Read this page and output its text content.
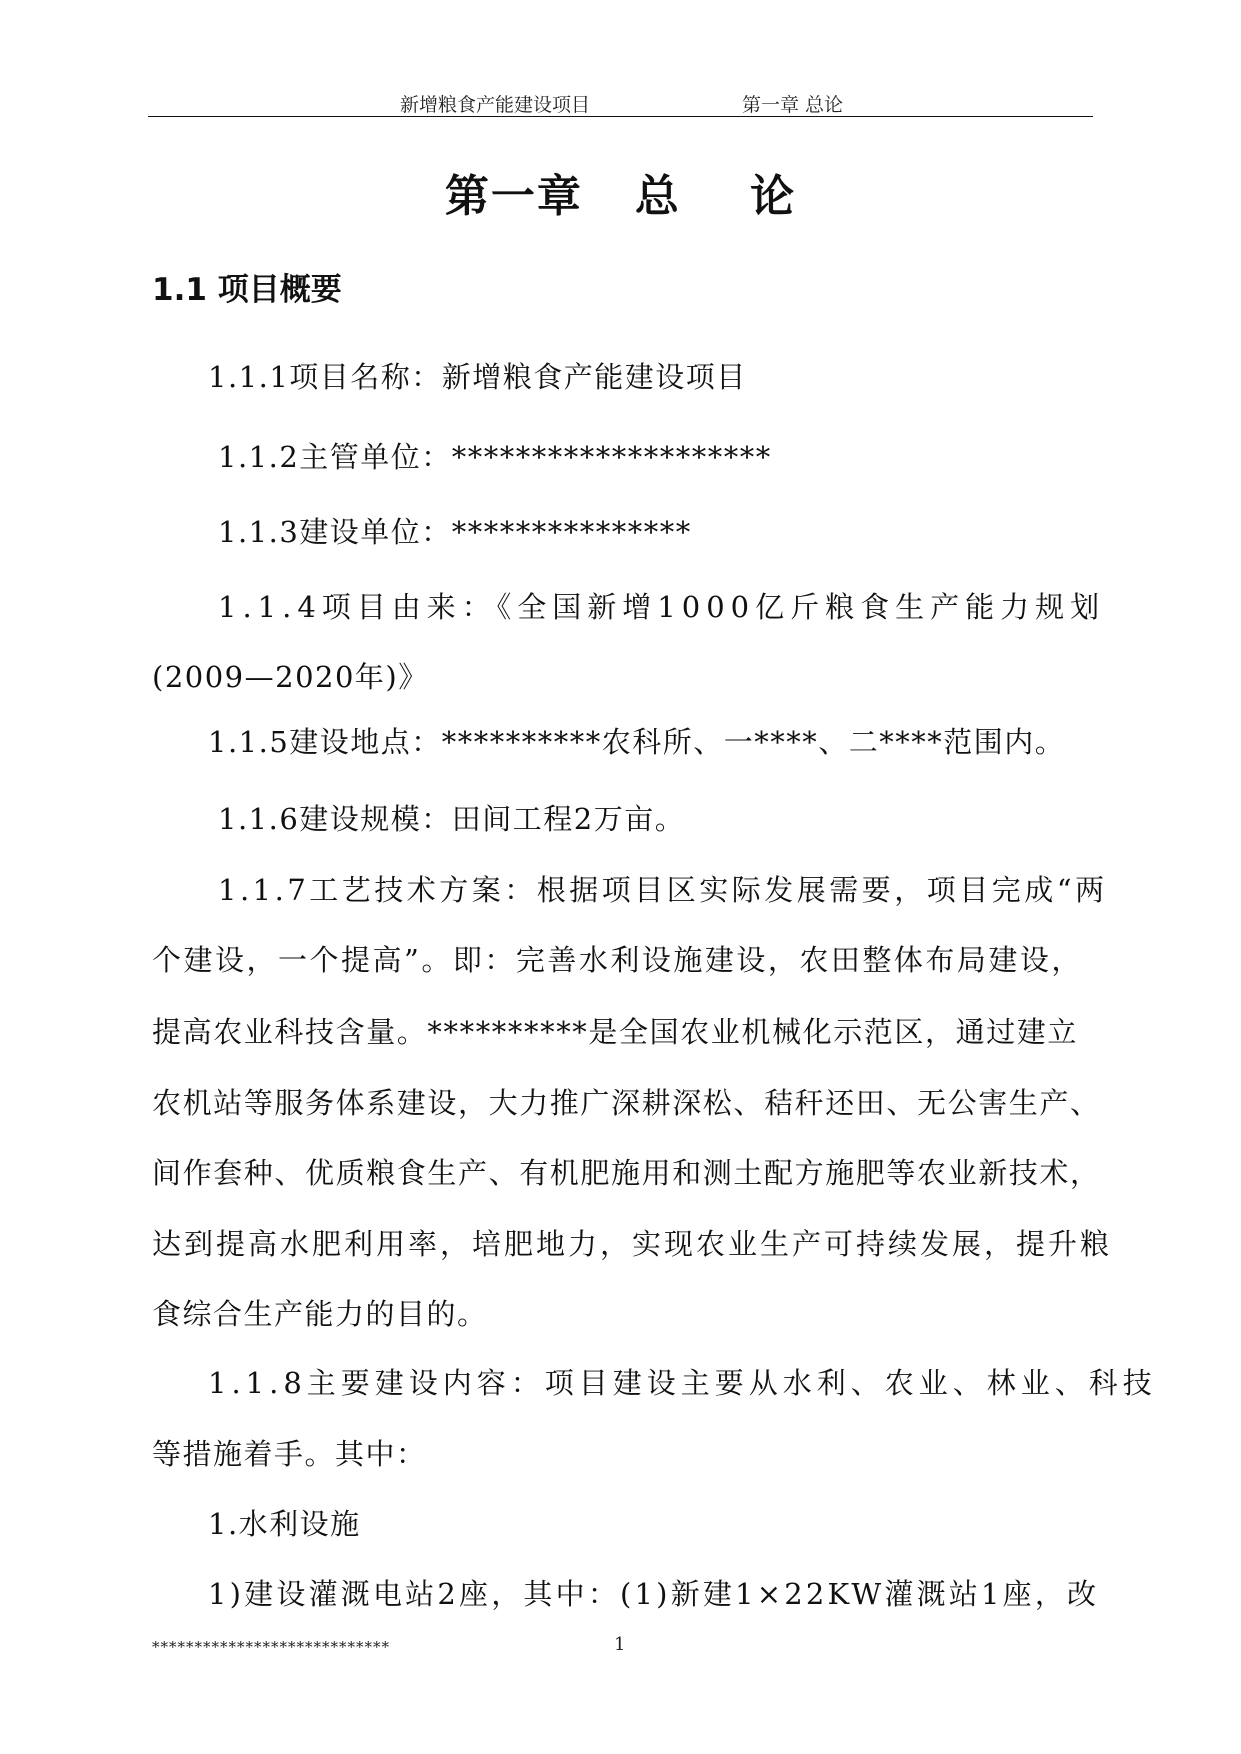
新增粮食产能建设项目	第一章 总论
第一章   总    论
1.1 项目概要
1.1.1项目名称：新增粮食产能建设项目
1.1.2主管单位：********************
1.1.3建设单位：***************
1.1.4项目由来：《全国新增1000亿斤粮食生产能力规划
(2009—2020年)》
1.1.5建设地点：**********农科所、一****、二****范围内。
1.1.6建设规模：田间工程2万亩。
1.1.7工艺技术方案：根据项目区实际发展需要，项目完成“两
个建设，一个提高”。即：完善水利设施建设，农田整体布局建设，
提高农业科技含量。**********是全国农业机械化示范区，通过建立
农机站等服务体系建设，大力推广深耕深松、秸秆还田、无公害生产、
间作套种、优质粮食生产、有机肥施用和测土配方施肥等农业新技术，
达到提高水肥利用率，培肥地力，实现农业生产可持续发展，提升粮
食综合生产能力的目的。
1.1.8主要建设内容：项目建设主要从水利、农业、林业、科技
等措施着手。其中：
1.水利设施
1)建设灌溉电站2座，其中：(1)新建1×22KW灌溉站1座，改
****************************	1
